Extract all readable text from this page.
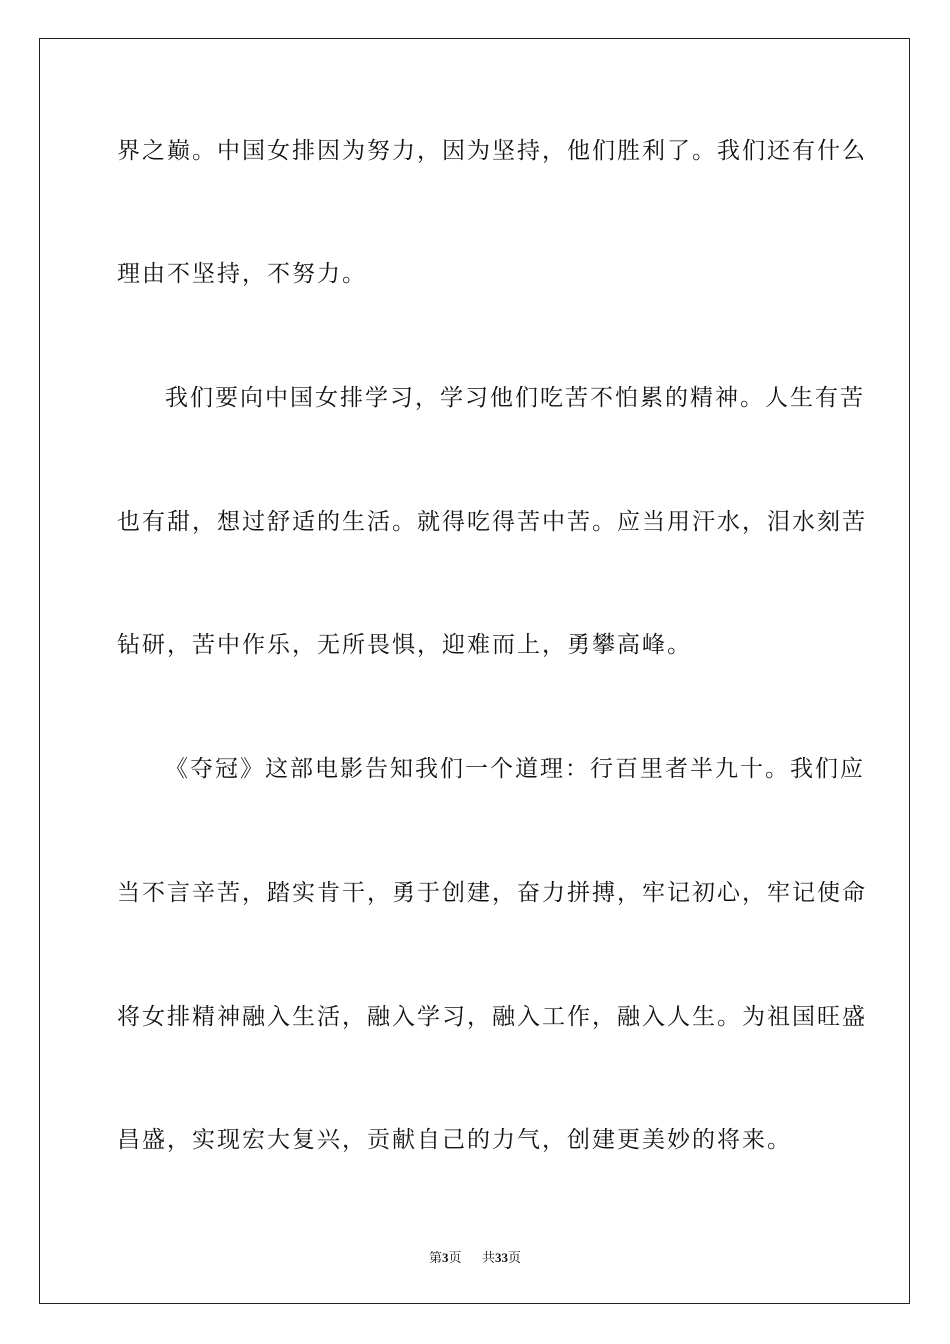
界之巅。中国女排因为努力，因为坚持，他们胜利了。我们还有什么

理由不坚持，不努力。

我们要向中国女排学习，学习他们吃苦不怕累的精神。人生有苦

也有甜，想过舒适的生活。就得吃得苦中苦。应当用汗水，泪水刻苦

钻研，苦中作乐，无所畏惧，迎难而上，勇攀高峰。

《夺冠》这部电影告知我们一个道理：行百里者半九十。我们应

当不言辛苦，踏实肯干，勇于创建，奋力拼搏，牢记初心，牢记使命

将女排精神融入生活，融入学习，融入工作，融入人生。为祖国旺盛

昌盛，实现宏大复兴，贡献自己的力气，创建更美妙的将来。

第3页 共33页
